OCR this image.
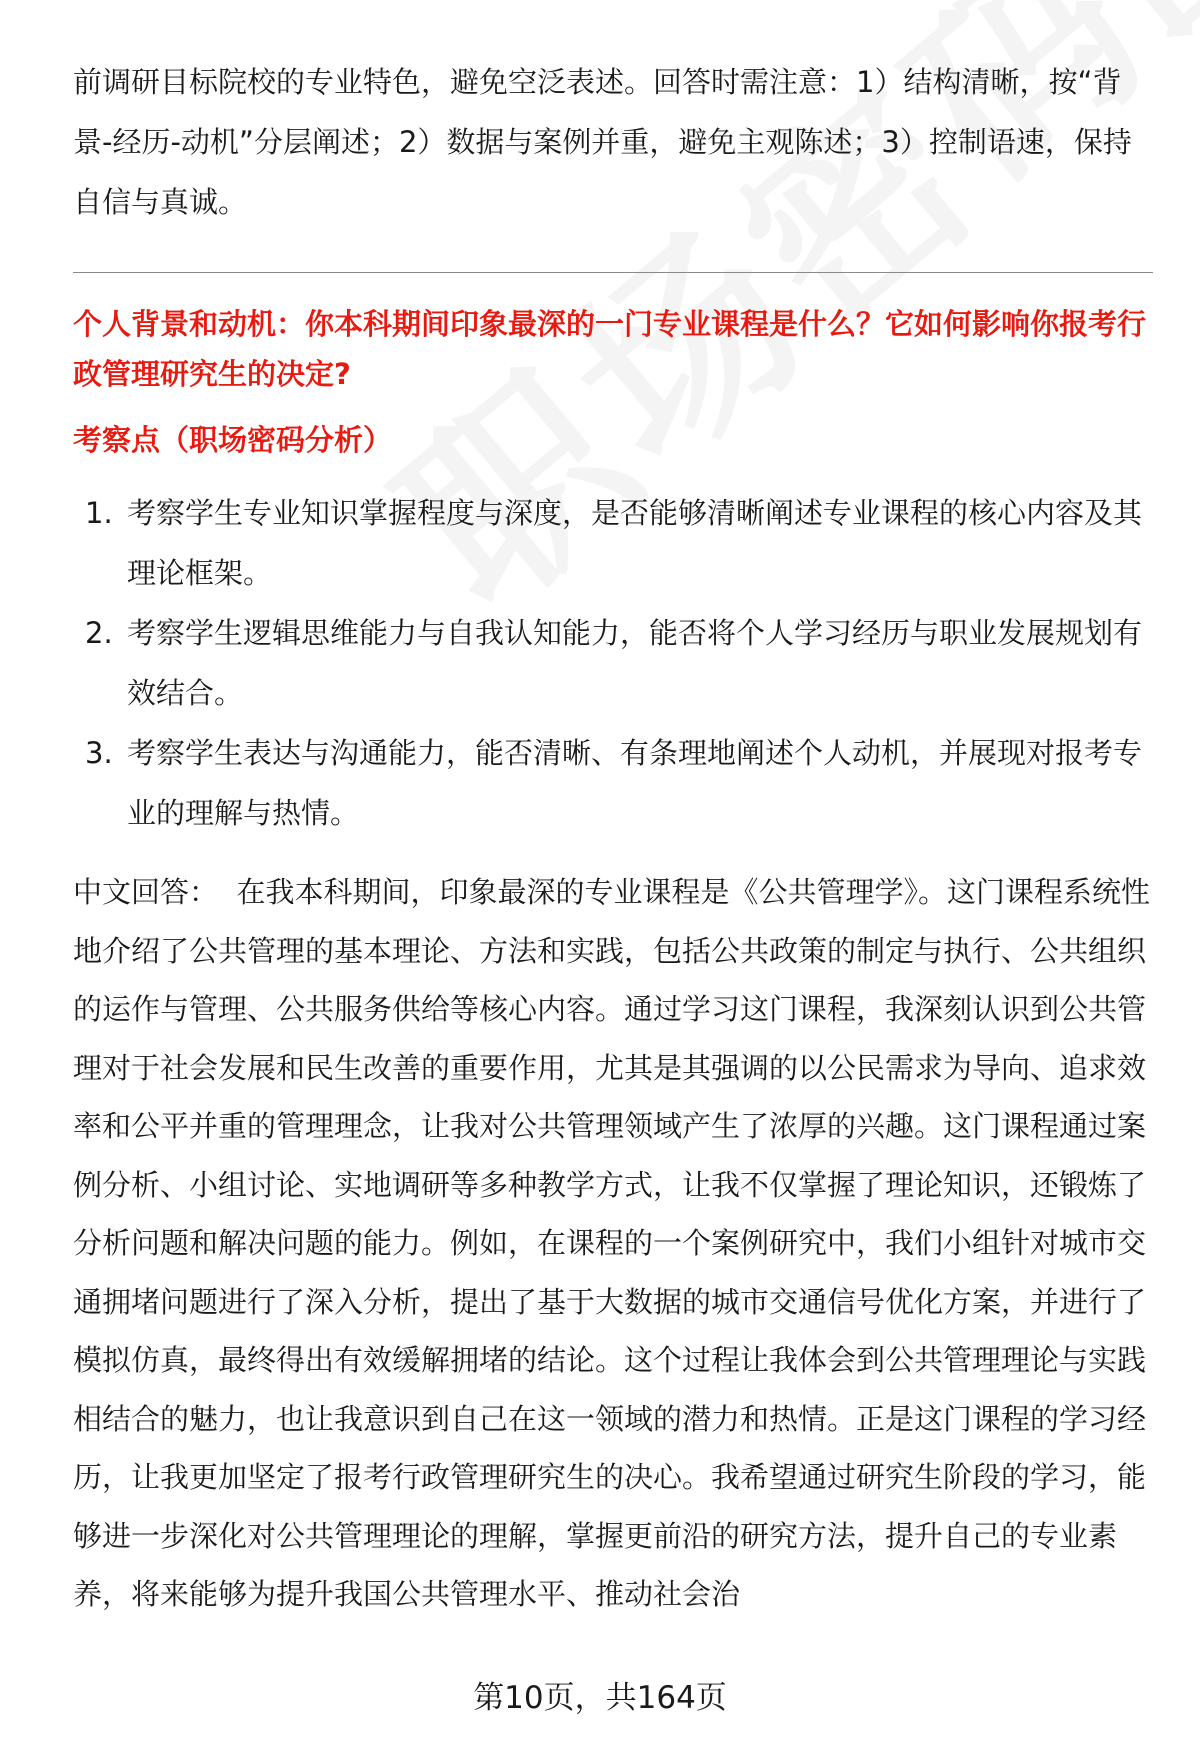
前调研目标院校的专业特色，避免空泛表述。回答时需注意：1）结构清晰，按“背景-经历-动机”分层阐述；2）数据与案例并重，避免主观陈述；3）控制语速，保持自信与真诚。

个人背景和动机：你本科期间印象最深的一门专业课程是什么？它如何影响你报考行政管理研究生的决定?

考察点（职场密码分析）

1. 考察学生专业知识掌握程度与深度，是否能够清晰阐述专业课程的核心内容及其理论框架。
2. 考察学生逻辑思维能力与自我认知能力，能否将个人学习经历与职业发展规划有效结合。
3. 考察学生表达与沟通能力，能否清晰、有条理地阐述个人动机，并展现对报考专业的理解与热情。

中文回答： 在我本科期间，印象最深的专业课程是《公共管理学》。这门课程系统性地介绍了公共管理的基本理论、方法和实践，包括公共政策的制定与执行、公共组织的运作与管理、公共服务供给等核心内容。通过学习这门课程，我深刻认识到公共管理对于社会发展和民生改善的重要作用，尤其是其强调的以公民需求为导向、追求效率和公平并重的管理理念，让我对公共管理领域产生了浓厚的兴趣。这门课程通过案例分析、小组讨论、实地调研等多种教学方式，让我不仅掌握了理论知识，还锻炼了分析问题和解决问题的能力。例如，在课程的一个案例研究中，我们小组针对城市交通拥堵问题进行了深入分析，提出了基于大数据的城市交通信号优化方案，并进行了模拟仿真，最终得出有效缓解拥堵的结论。这个过程让我体会到公共管理理论与实践相结合的魅力，也让我意识到自己在这一领域的潜力和热情。正是这门课程的学习经历，让我更加坚定了报考行政管理研究生的决心。我希望通过研究生阶段的学习，能够进一步深化对公共管理理论的理解，掌握更前沿的研究方法，提升自己的专业素养，将来能够为提升我国公共管理水平、推动社会治

第10页，共164页
